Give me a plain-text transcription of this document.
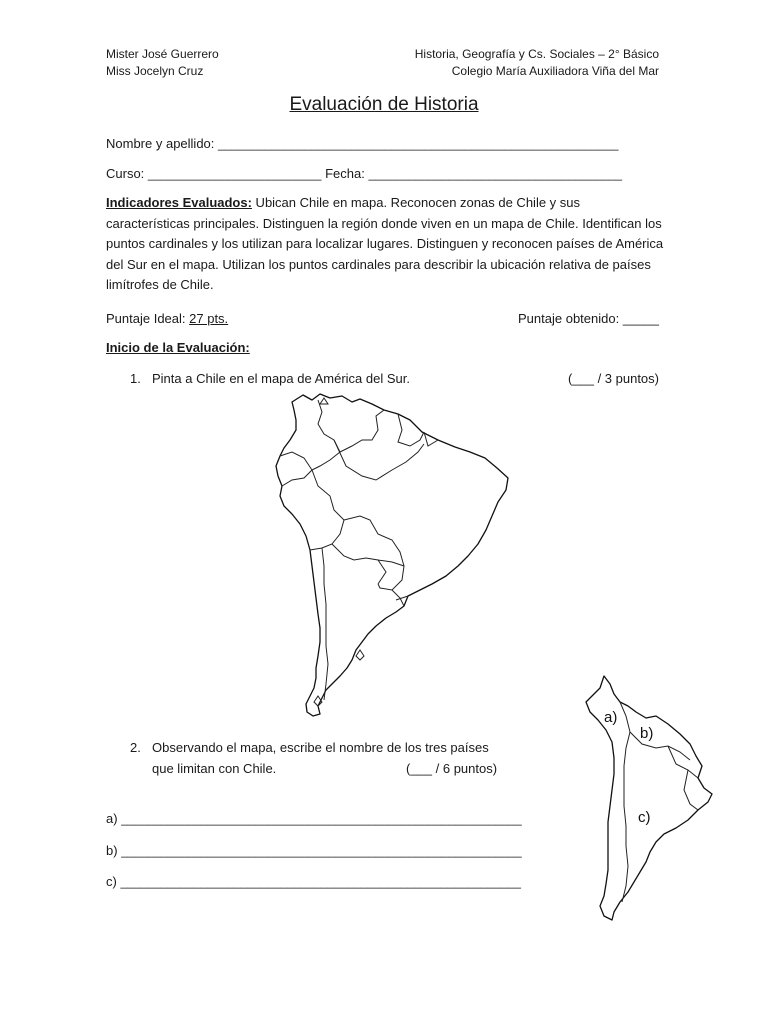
Mister José Guerrero
Miss Jocelyn Cruz
Historia, Geografía y Cs. Sociales – 2° Básico
Colegio María Auxiliadora Viña del Mar
Evaluación de Historia
Nombre y apellido: ____________________________________________________________
Curso: __________________________ Fecha: ______________________________________
Indicadores Evaluados: Ubican Chile en mapa. Reconocen zonas de Chile y sus características principales. Distinguen la región donde viven en un mapa de Chile. Identifican los puntos cardinales y los utilizan para localizar lugares. Distinguen y reconocen países de América del Sur en el mapa. Utilizan los puntos cardinales para describir la ubicación relativa de países limítrofes de Chile.
Puntaje Ideal: 27 pts.	Puntaje obtenido: _____
Inicio de la Evaluación:
1. Pinta a Chile en el mapa de América del Sur.	(___ / 3 puntos)
2. Observando el mapa, escribe el nombre de los tres países
que limitan con Chile.	(___ / 6 puntos)
a) ____________________________________________________________
b) ____________________________________________________________
c) ____________________________________________________________
a)
b)
c)
